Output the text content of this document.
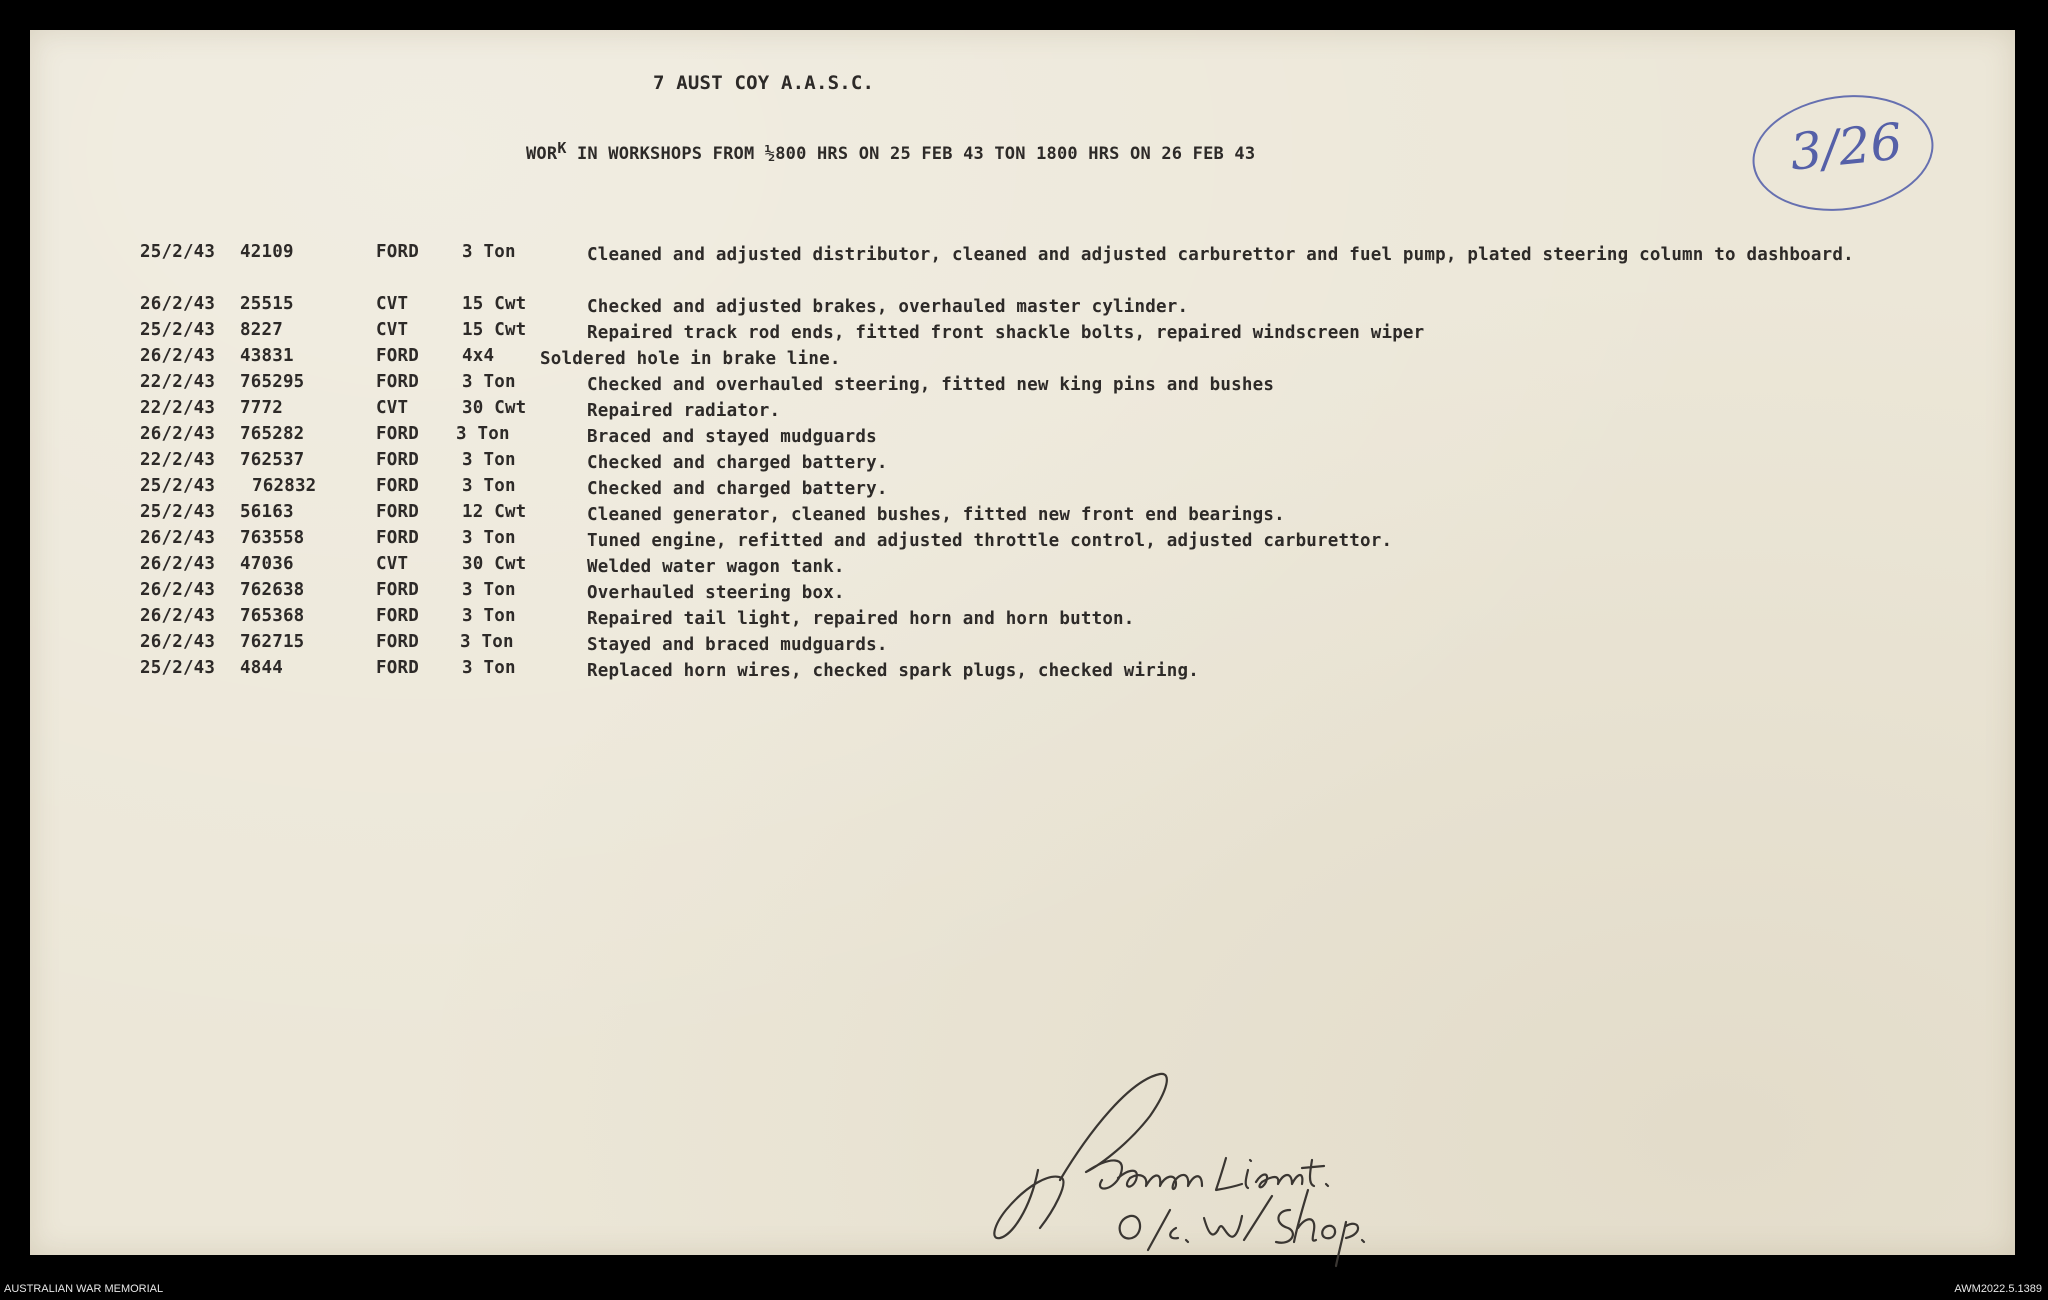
7 AUST COY A.A.S.C.

WORK IN WORKSHOPS FROM ½800 HRS ON 25 FEB 43 TON 1800 HRS ON 26 FEB 43	3/26

25/2/43 42109	FORD 3 Ton	Cleaned and adjusted distributor, cleaned and adjusted carburettor and fuel pump, plated steering column to dashboard.
26/2/43 25515	CVT	15 Cwt	Checked and adjusted brakes, overhauled master cylinder.
25/2/43 8227	CVT	15 Cwt	Repaired track rod ends, fitted front shackle bolts, repaired windscreen wiper
26/2/43 43831	FORD 4x4	Soldered hole in brake line.
22/2/43 765295	FORD 3 Ton	Checked and overhauled steering, fitted new king pins and bushes
22/2/43 7772	CVT	30 Cwt	Repaired radiator.
26/2/43 765282	FORD 3 Ton	Braced and stayed mudguards
22/2/43 762537	FORD 3 Ton	Checked and charged battery.
25/2/43 762832	FORD 3 Ton	Checked and charged battery.
25/2/43 56163	FORD 12 Cwt	Cleaned generator, cleaned bushes, fitted new front end bearings.
26/2/43 763558	FORD 3 Ton	Tuned engine, refitted and adjusted throttle control, adjusted carburettor.
26/2/43 47036	CVT	30 Cwt	Welded water wagon tank.
26/2/43 762638	FORD 3 Ton	Overhauled steering box.
26/2/43 765368	FORD 3 Ton	Repaired tail light, repaired horn and horn button.
26/2/43 762715	FORD 3 Ton	Stayed and braced mudguards.
25/2/43 4844	FORD 3 Ton	Replaced horn wires, checked spark plugs, checked wiring.

AUSTRALIAN WAR MEMORIAL	AWM2022.5.1389
